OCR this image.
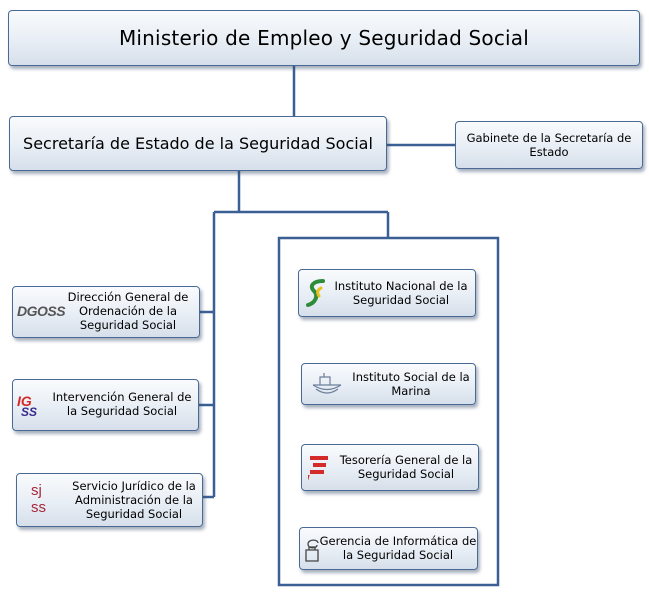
Ministerio de Empleo y Seguridad Social
Secretaría de Estado de la Seguridad Social	Gabinete de la Secretaría de Estado
DGOSS
Dirección General de Ordenación de la Seguridad Social
IG
SS
Intervención General de la Seguridad Social
sj
ss
Servicio Jurídico de la Administración de la Seguridad Social
Instituto Nacional de la Seguridad Social
Instituto Social de la Marina
Tesorería General de la Seguridad Social
Gerencia de Informática de la Seguridad Social
